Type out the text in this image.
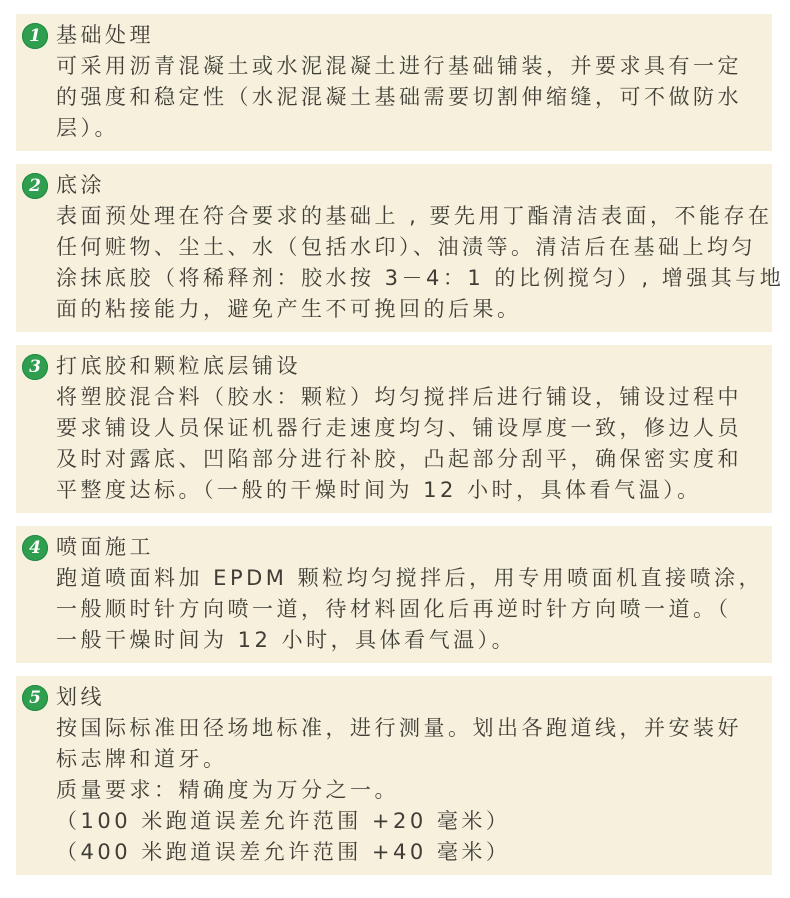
1 基础处理
可采用沥青混凝土或水泥混凝土进行基础铺装，并要求具有一定
的强度和稳定性（水泥混凝土基础需要切割伸缩缝，可不做防水
层）。
2 底涂
表面预处理在符合要求的基础上 , 要先用丁酯清洁表面，不能存在
任何赃物、尘土、水（包括水印）、油渍等。清洁后在基础上均匀
涂抹底胶（将稀释剂：胶水按 3－4：1 的比例搅匀）, 增强其与地
面的粘接能力，避免产生不可挽回的后果。
3 打底胶和颗粒底层铺设
将塑胶混合料（胶水：颗粒）均匀搅拌后进行铺设，铺设过程中
要求铺设人员保证机器行走速度均匀、铺设厚度一致，修边人员
及时对露底、凹陷部分进行补胶，凸起部分刮平，确保密实度和
平整度达标。（一般的干燥时间为 12 小时，具体看气温）。
4 喷面施工
跑道喷面料加 EPDM 颗粒均匀搅拌后，用专用喷面机直接喷涂，
一般顺时针方向喷一道，待材料固化后再逆时针方向喷一道。（
一般干燥时间为 12 小时，具体看气温）。
5 划线
按国际标准田径场地标准，进行测量。划出各跑道线，并安装好
标志牌和道牙。
质量要求：精确度为万分之一。
（100 米跑道误差允许范围 +20 毫米）
（400 米跑道误差允许范围 +40 毫米）
